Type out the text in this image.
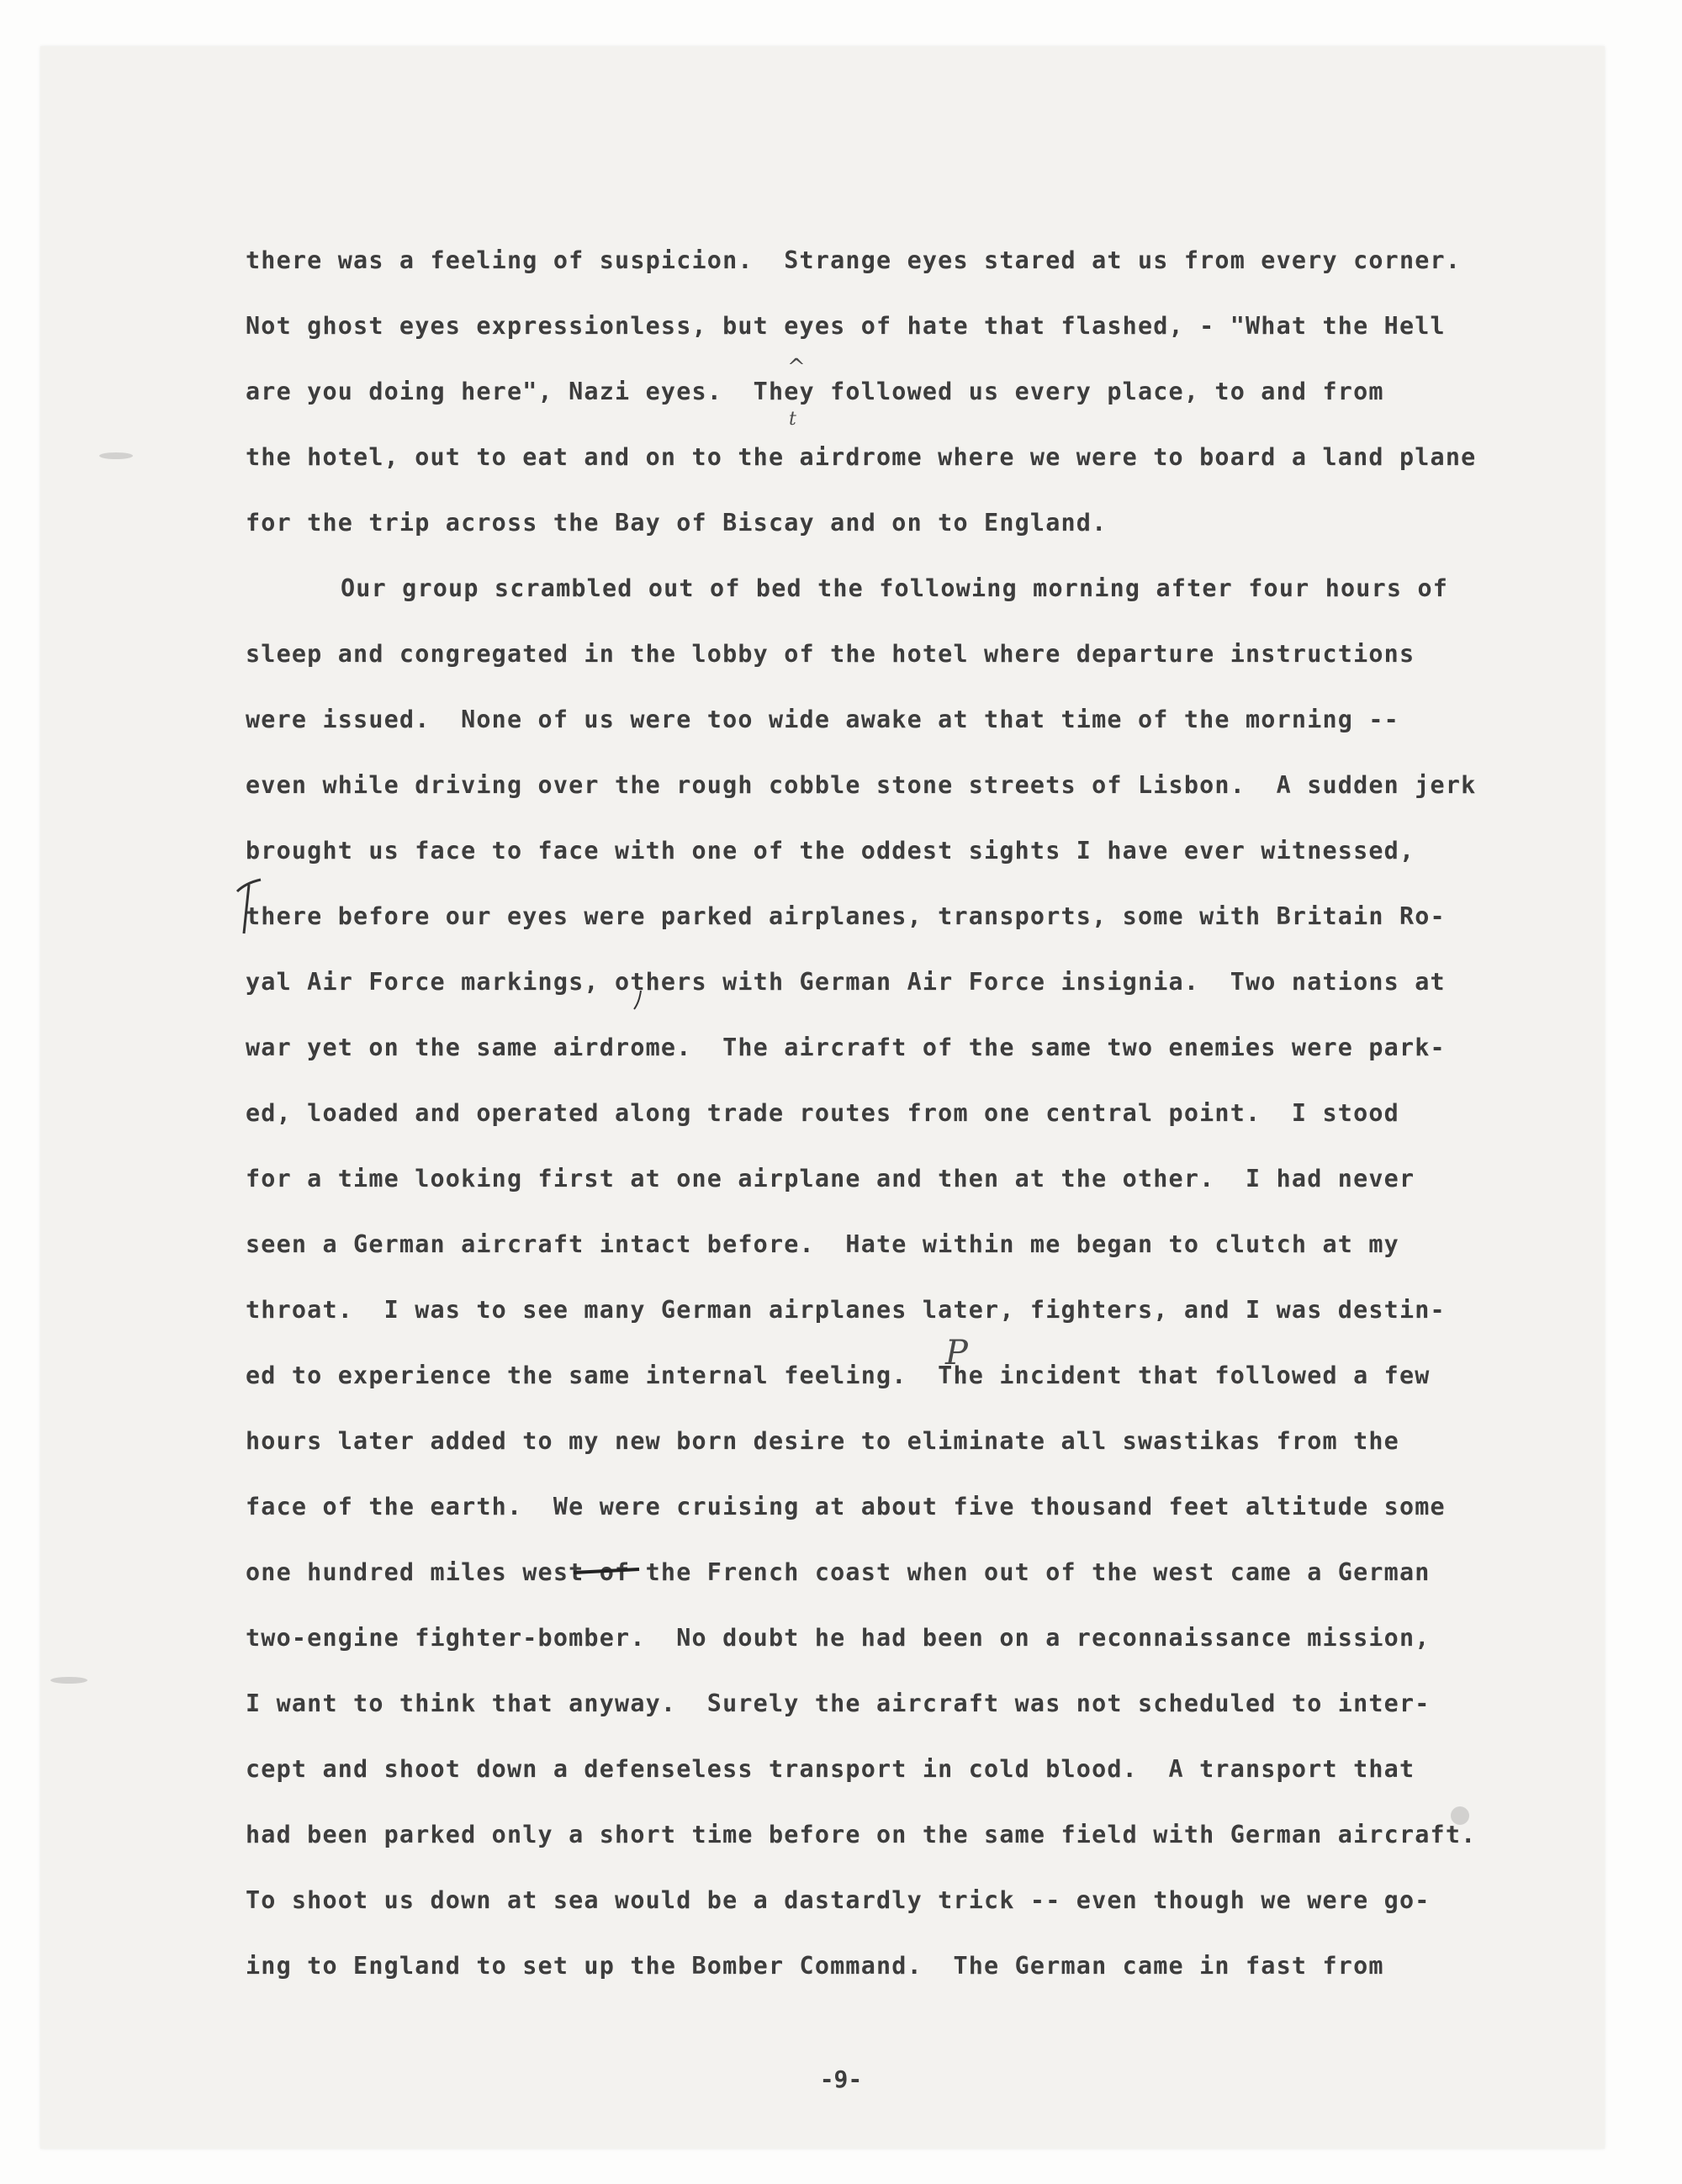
there was a feeling of suspicion.  Strange eyes stared at us from every corner.
Not ghost eyes expressionless, but eyes of hate that flashed, - "What the Hell
are you doing here", Nazi eyes.  They followed us every place, to and from
the hotel, out to eat and on to the airdrome where we were to board a land plane
for the trip across the Bay of Biscay and on to England.
Our group scrambled out of bed the following morning after four hours of
sleep and congregated in the lobby of the hotel where departure instructions
were issued.  None of us were too wide awake at that time of the morning --
even while driving over the rough cobble stone streets of Lisbon.  A sudden jerk
brought us face to face with one of the oddest sights I have ever witnessed,
there before our eyes were parked airplanes, transports, some with Britain Ro-
yal Air Force markings, others with German Air Force insignia.  Two nations at
war yet on the same airdrome.  The aircraft of the same two enemies were park-
ed, loaded and operated along trade routes from one central point.  I stood
for a time looking first at one airplane and then at the other.  I had never
seen a German aircraft intact before.  Hate within me began to clutch at my
throat.  I was to see many German airplanes later, fighters, and I was destin-
ed to experience the same internal feeling.  The incident that followed a few
hours later added to my new born desire to eliminate all swastikas from the
face of the earth.  We were cruising at about five thousand feet altitude some
one hundred miles west of the French coast when out of the west came a German
two-engine fighter-bomber.  No doubt he had been on a reconnaissance mission,
I want to think that anyway.  Surely the aircraft was not scheduled to inter-
cept and shoot down a defenseless transport in cold blood.  A transport that
had been parked only a short time before on the same field with German aircraft.
To shoot us down at sea would be a dastardly trick -- even though we were go-
ing to England to set up the Bomber Command.  The German came in fast from
-9-
^
t
P
